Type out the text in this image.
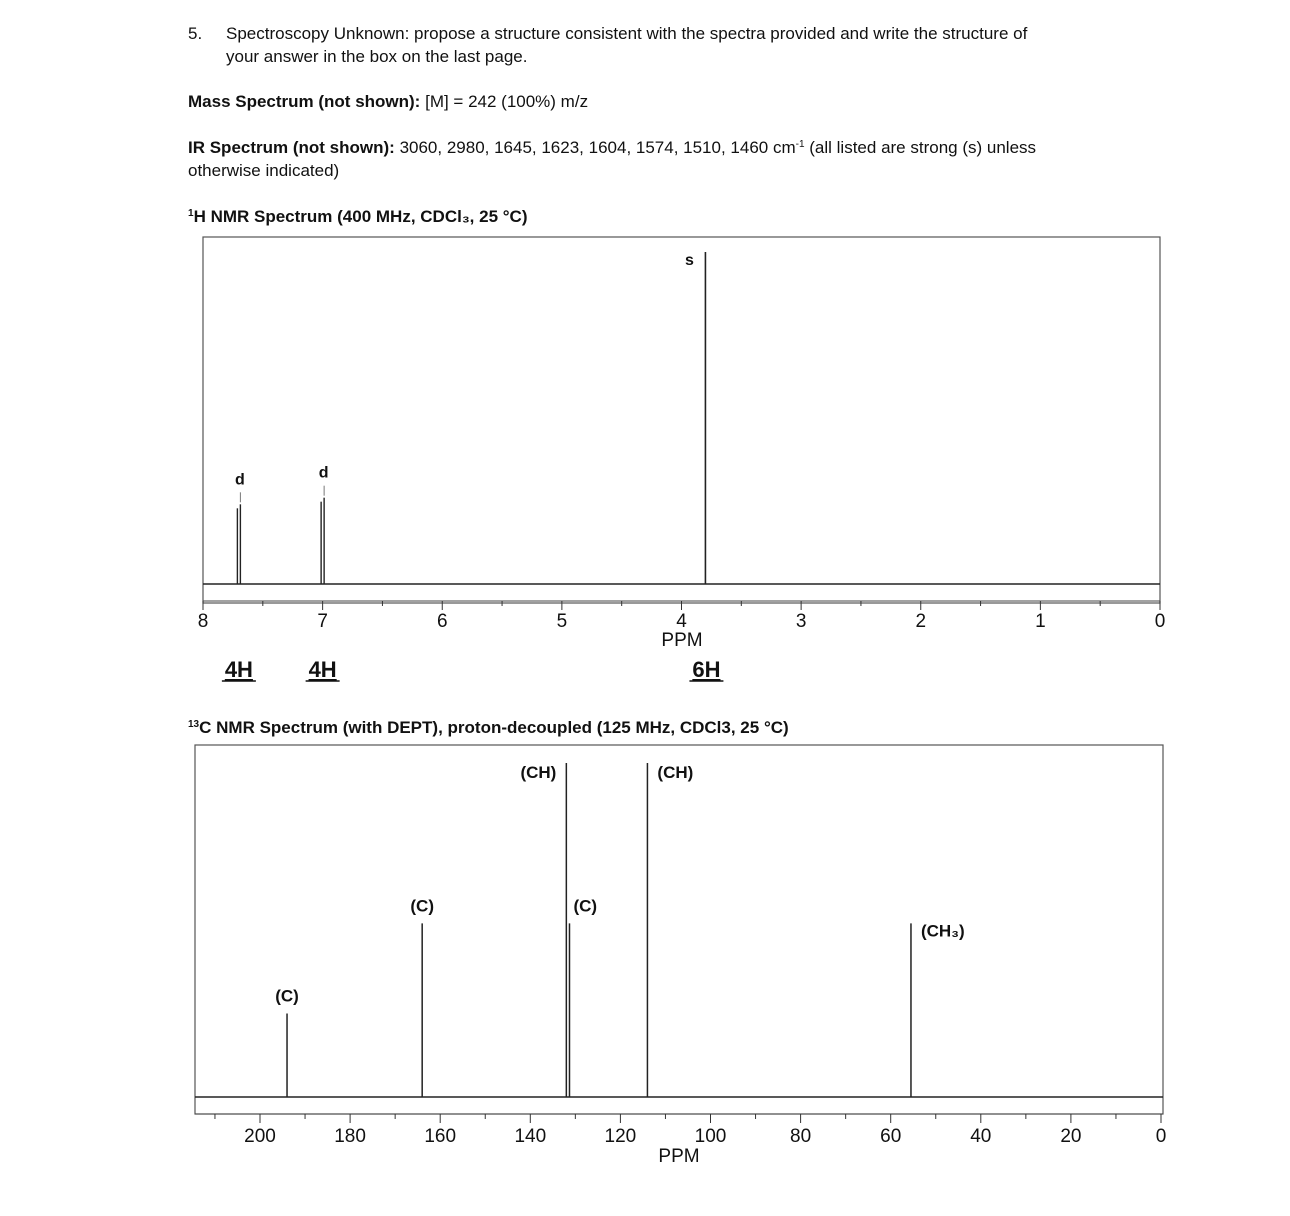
5. Spectroscopy Unknown: propose a structure consistent with the spectra provided and write the structure of
your answer in the box on the last page.
Mass Spectrum (not shown): [M] = 242 (100%) m/z
IR Spectrum (not shown): 3060, 2980, 1645, 1623, 1604, 1574, 1510, 1460 $cm^{-1}$ (all listed are strong (s) unless
otherwise indicated)
$^1$H NMR Spectrum (400 MHz, CDCl₃, 25 °C)
$^{13}$C NMR Spectrum (with DEPT), proton-decoupled (125 MHz, CDCl3, 25 °C)
8	7	6	5	4	3	2	1	0
PPM
d
4H
d
4H
s
6H
200	180	160	140	120	100	80	60	40	20	0
PPM
(C)
(C)
(CH)
(C)
(CH)
(CH₃)
